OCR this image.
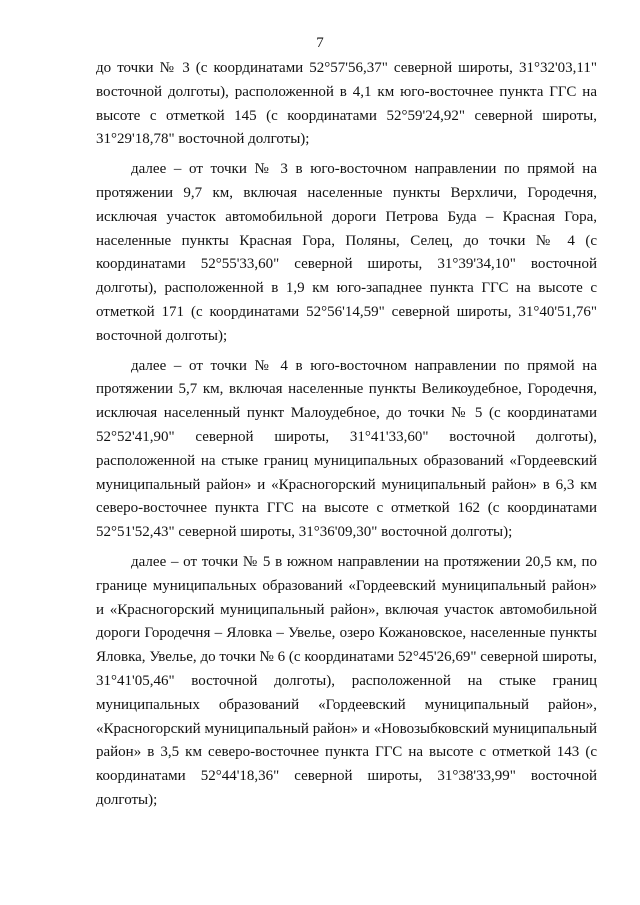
7

до точки № 3 (с координатами 52°57'56,37" северной широты, 31°32'03,11" восточной долготы), расположенной в 4,1 км юго-восточнее пункта ГГС на высоте с отметкой 145 (с координатами 52°59'24,92" северной широты, 31°29'18,78" восточной долготы);

далее – от точки № 3 в юго-восточном направлении по прямой на протяжении 9,7 км, включая населенные пункты Верхличи, Городечня, исключая участок автомобильной дороги Петрова Буда – Красная Гора, населенные пункты Красная Гора, Поляны, Селец, до точки № 4 (с координатами 52°55'33,60" северной широты, 31°39'34,10" восточной долготы), расположенной в 1,9 км юго-западнее пункта ГГС на высоте с отметкой 171 (с координатами 52°56'14,59" северной широты, 31°40'51,76" восточной долготы);

далее – от точки № 4 в юго-восточном направлении по прямой на протяжении 5,7 км, включая населенные пункты Великоудебное, Городечня, исключая населенный пункт Малоудебное, до точки № 5 (с координатами 52°52'41,90" северной широты, 31°41'33,60" восточной долготы), расположенной на стыке границ муниципальных образований «Гордеевский муниципальный район» и «Красногорский муниципальный район» в 6,3 км северо-восточнее пункта ГГС на высоте с отметкой 162 (с координатами 52°51'52,43" северной широты, 31°36'09,30" восточной долготы);

далее – от точки № 5 в южном направлении на протяжении 20,5 км, по границе муниципальных образований «Гордеевский муниципальный район» и «Красногорский муниципальный район», включая участок автомобильной дороги Городечня – Яловка – Увелье, озеро Кожановское, населенные пункты Яловка, Увелье, до точки № 6 (с координатами 52°45'26,69" северной широты, 31°41'05,46" восточной долготы), расположенной на стыке границ муниципальных образований «Гордеевский муниципальный район», «Красногорский муниципальный район» и «Новозыбковский муниципальный район» в 3,5 км северо-восточнее пункта ГГС на высоте с отметкой 143 (с координатами 52°44'18,36" северной широты, 31°38'33,99" восточной долготы);
